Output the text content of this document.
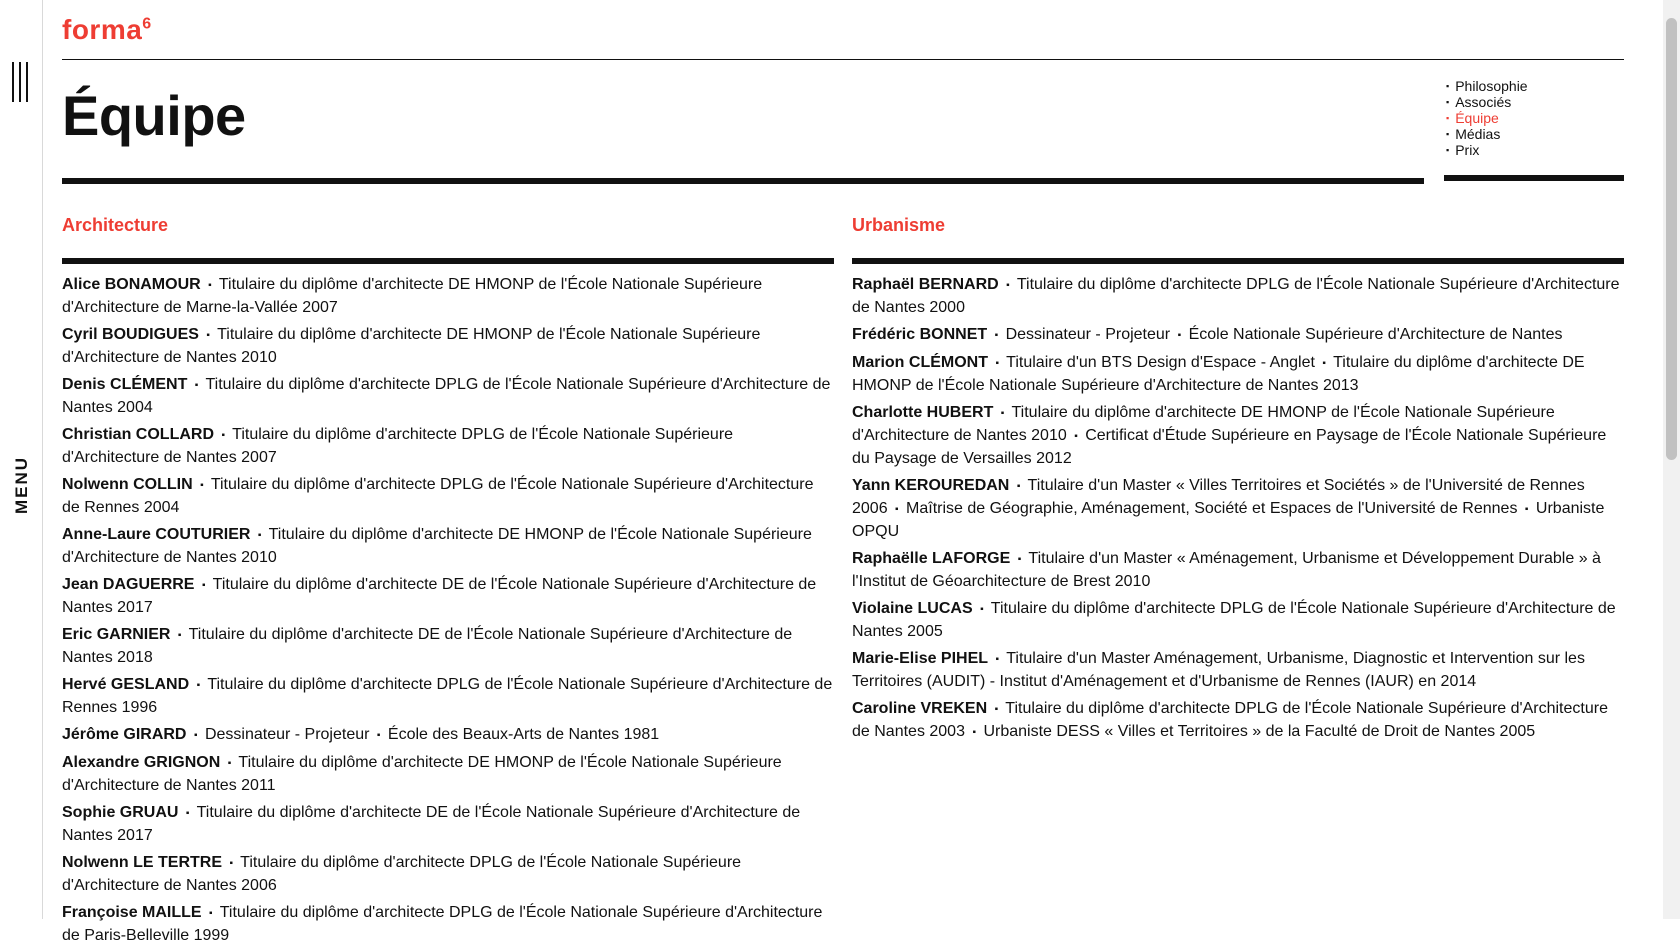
MENU
forma$^6$
Équipe	▪ Philosophie
▪ Associés
▪ Équipe
▪ Médias
▪ Prix
Architecture
Alice BONAMOUR ▪ Titulaire du diplôme d'architecte DE HMONP de l'École Nationale Supérieure d'Architecture de Marne-la-Vallée 2007
Cyril BOUDIGUES ▪ Titulaire du diplôme d'architecte DE HMONP de l'École Nationale Supérieure d'Architecture de Nantes 2010
Denis CLÉMENT ▪ Titulaire du diplôme d'architecte DPLG de l'École Nationale Supérieure d'Architecture de Nantes 2004
Christian COLLARD ▪ Titulaire du diplôme d'architecte DPLG de l'École Nationale Supérieure d'Architecture de Nantes 2007
Nolwenn COLLIN ▪ Titulaire du diplôme d'architecte DPLG de l'École Nationale Supérieure d'Architecture de Rennes 2004
Anne-Laure COUTURIER ▪ Titulaire du diplôme d'architecte DE HMONP de l'École Nationale Supérieure d'Architecture de Nantes 2010
Jean DAGUERRE ▪ Titulaire du diplôme d'architecte DE de l'École Nationale Supérieure d'Architecture de Nantes 2017
Eric GARNIER ▪ Titulaire du diplôme d'architecte DE de l'École Nationale Supérieure d'Architecture de Nantes 2018
Hervé GESLAND ▪ Titulaire du diplôme d'architecte DPLG de l'École Nationale Supérieure d'Architecture de Rennes 1996
Jérôme GIRARD ▪ Dessinateur - Projeteur ▪ École des Beaux-Arts de Nantes 1981
Alexandre GRIGNON ▪ Titulaire du diplôme d'architecte DE HMONP de l'École Nationale Supérieure d'Architecture de Nantes 2011
Sophie GRUAU ▪ Titulaire du diplôme d'architecte DE de l'École Nationale Supérieure d'Architecture de Nantes 2017
Nolwenn LE TERTRE ▪ Titulaire du diplôme d'architecte DPLG de l'École Nationale Supérieure d'Architecture de Nantes 2006
Françoise MAILLE ▪ Titulaire du diplôme d'architecte DPLG de l'École Nationale Supérieure d'Architecture de Paris-Belleville 1999
Urbanisme
Raphaël BERNARD ▪ Titulaire du diplôme d'architecte DPLG de l'École Nationale Supérieure d'Architecture de Nantes 2000
Frédéric BONNET ▪ Dessinateur - Projeteur ▪ École Nationale Supérieure d'Architecture de Nantes
Marion CLÉMONT ▪ Titulaire d'un BTS Design d'Espace - Anglet ▪ Titulaire du diplôme d'architecte DE HMONP de l'École Nationale Supérieure d'Architecture de Nantes 2013
Charlotte HUBERT ▪ Titulaire du diplôme d'architecte DE HMONP de l'École Nationale Supérieure d'Architecture de Nantes 2010 ▪ Certificat d'Étude Supérieure en Paysage de l'École Nationale Supérieure du Paysage de Versailles 2012
Yann KEROUREDAN ▪ Titulaire d'un Master « Villes Territoires et Sociétés » de l'Université de Rennes 2006 ▪ Maîtrise de Géographie, Aménagement, Société et Espaces de l'Université de Rennes ▪ Urbaniste OPQU
Raphaëlle LAFORGE ▪ Titulaire d'un Master « Aménagement, Urbanisme et Développement Durable » à l'Institut de Géoarchitecture de Brest 2010
Violaine LUCAS ▪ Titulaire du diplôme d'architecte DPLG de l'École Nationale Supérieure d'Architecture de Nantes 2005
Marie-Elise PIHEL ▪ Titulaire d'un Master Aménagement, Urbanisme, Diagnostic et Intervention sur les Territoires (AUDIT) - Institut d'Aménagement et d'Urbanisme de Rennes (IAUR) en 2014
Caroline VREKEN ▪ Titulaire du diplôme d'architecte DPLG de l'École Nationale Supérieure d'Architecture de Nantes 2003 ▪ Urbaniste DESS « Villes et Territoires » de la Faculté de Droit de Nantes 2005
